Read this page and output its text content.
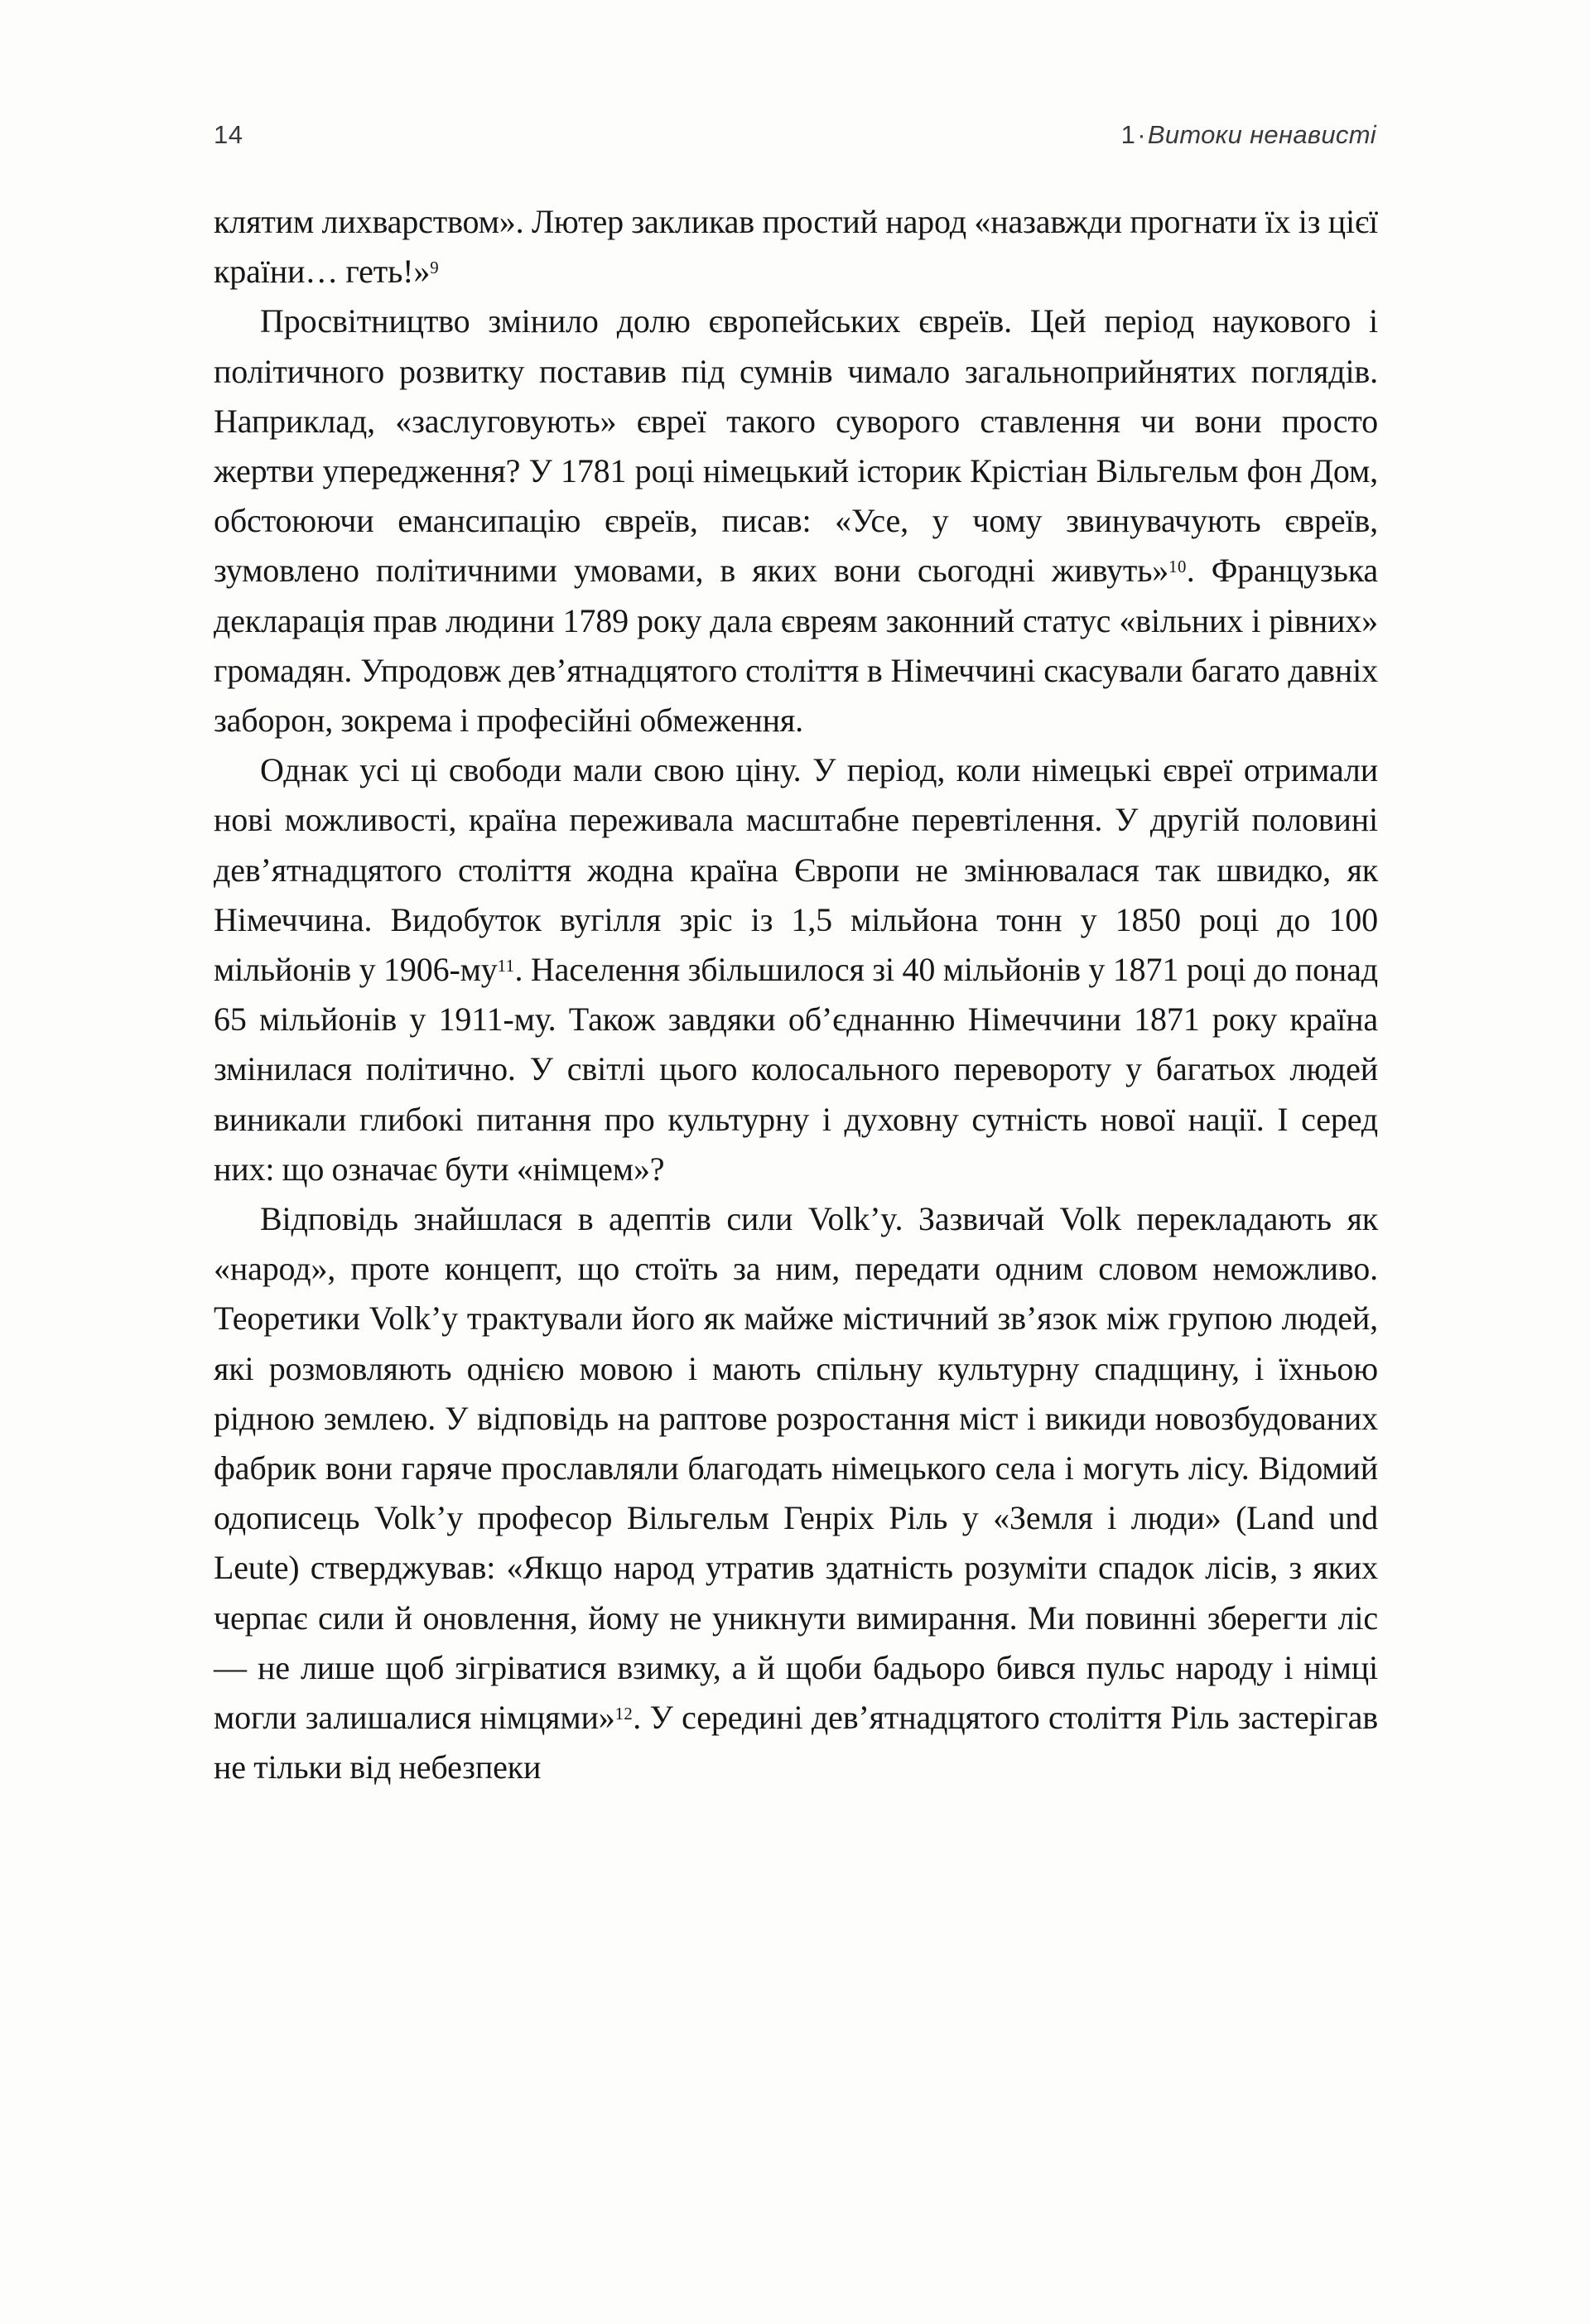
14	1·Витоки ненависті

клятим лихварством». Лютер закликав простий народ «назавжди прогнати їх із цієї країни… геть!»$^9$

Просвітництво змінило долю європейських євреїв. Цей період наукового і політичного розвитку поставив під сумнів чимало загальноприйнятих поглядів. Наприклад, «заслуговують» євреї такого суворого ставлення чи вони просто жертви упередження? У 1781 році німецький історик Крістіан Вільгельм фон Дом, обстоюючи емансипацію євреїв, писав: «Усе, у чому звинувачують євреїв, зумовлено політичними умовами, в яких вони сьогодні живуть»$^{10}$. Французька декларація прав людини 1789 року дала євреям законний статус «вільних і рівних» громадян. Упродовж дев’ятнадцятого століття в Німеччині скасували багато давніх заборон, зокрема і професійні обмеження.

Однак усі ці свободи мали свою ціну. У період, коли німецькі євреї отримали нові можливості, країна переживала масштабне перевтілення. У другій половині дев’ятнадцятого століття жодна країна Європи не змінювалася так швидко, як Німеччина. Видобуток вугілля зріс із 1,5 мільйона тонн у 1850 році до 100 мільйонів у 1906-му$^{11}$. Населення збільшилося зі 40 мільйонів у 1871 році до понад 65 мільйонів у 1911-му. Також завдяки об’єднанню Німеччини 1871 року країна змінилася політично. У світлі цього колосального перевороту у багатьох людей виникали глибокі питання про культурну і духовну сутність нової нації. І серед них: що означає бути «німцем»?

Відповідь знайшлася в адептів сили Volk’y. Зазвичай Volk перекладають як «народ», проте концепт, що стоїть за ним, передати одним словом неможливо. Теоретики Volk’y трактували його як майже містичний зв’язок між групою людей, які розмовляють однією мовою і мають спільну культурну спадщину, і їхньою рідною землею. У відповідь на раптове розростання міст і викиди новозбудованих фабрик вони гаряче прославляли благодать німецького села і могуть лісу. Відомий одописець Volk’y професор Вільгельм Генріх Ріль у «Земля і люди» (Land und Leute) стверджував: «Якщо народ утратив здатність розуміти спадок лісів, з яких черпає сили й оновлення, йому не уникнути вимирання. Ми повинні зберегти ліс — не лише щоб зігріватися взимку, а й щоби бадьоро бився пульс народу і німці могли залишалися німцями»$^{12}$. У середині дев’ятнадцятого століття Ріль застерігав не тільки від небезпеки
